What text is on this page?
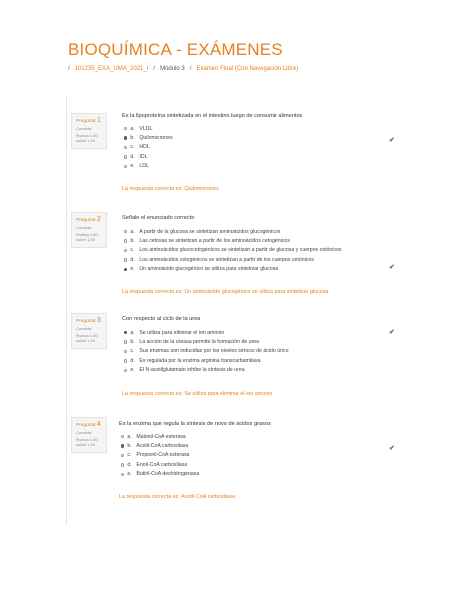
BIOQUÍMICA - EXÁMENES
/ 101235_EXA_UMA_2021_I / Módulo 3 / Examen Final (Con Navegación Libre)
Pregunta 1
Correcta
Puntúa 1,00
sobre 1,00
Es la lipoproteína sintetizada en el intestino luego de consumir alimentos
a. VLDL
b. Quilomicrones
c. HDL
d. IDL
e. LDL
✔
La respuesta correcta es: Quilomicrones
Pregunta 2
Correcta
Puntúa 1,00
sobre 1,00
Señale el enunciado correcto
a. A partir de la glucosa se sintetizan aminoácidos glucogénicos
b. Las cetosas se sintetizan a partir de los aminoácidos cetogénicos
c. Los aminoácidos glucocetogénicos se sintetizan a partir de glucosa y cuerpos cetónicos
d. Los aminoácidos cetogénicos se sintetizan a partir de los cuerpos cetónicos
e. Un aminoácido glucogénico se utiliza para sintetizar glucosa	✔
La respuesta correcta es: Un aminoácido glucogénico se utiliza para sintetizar glucosa
Pregunta 3
Correcta
Puntúa 1,00
sobre 1,00
Con respecto al ciclo de la urea
a. Se utiliza para eliminar el ion amonio
b. La acción de la ureasa permite la formación de urea
c. Sus enzimas son inducidas por los niveles séricos de ácido úrico
d. Es regulada por la enzima arginina transcarbamilasa
e. El N-acetilglutamato inhibe la síntesis de urea
✔
La respuesta correcta es: Se utiliza para eliminar el ion amonio
Pregunta 4
Correcta
Puntúa 1,00
sobre 1,00
Es la enzima que regula la síntesis de novo de ácidos grasos
a. Malonil-CoA esterasa
b. Acetil-CoA carboxilasa
c. Propionil-CoA esterasa
d. Enoil-CoA carboxilasa
e. Butiril-CoA deshidrogenasa
✔
La respuesta correcta es: Acetil-CoA carboxilasa
